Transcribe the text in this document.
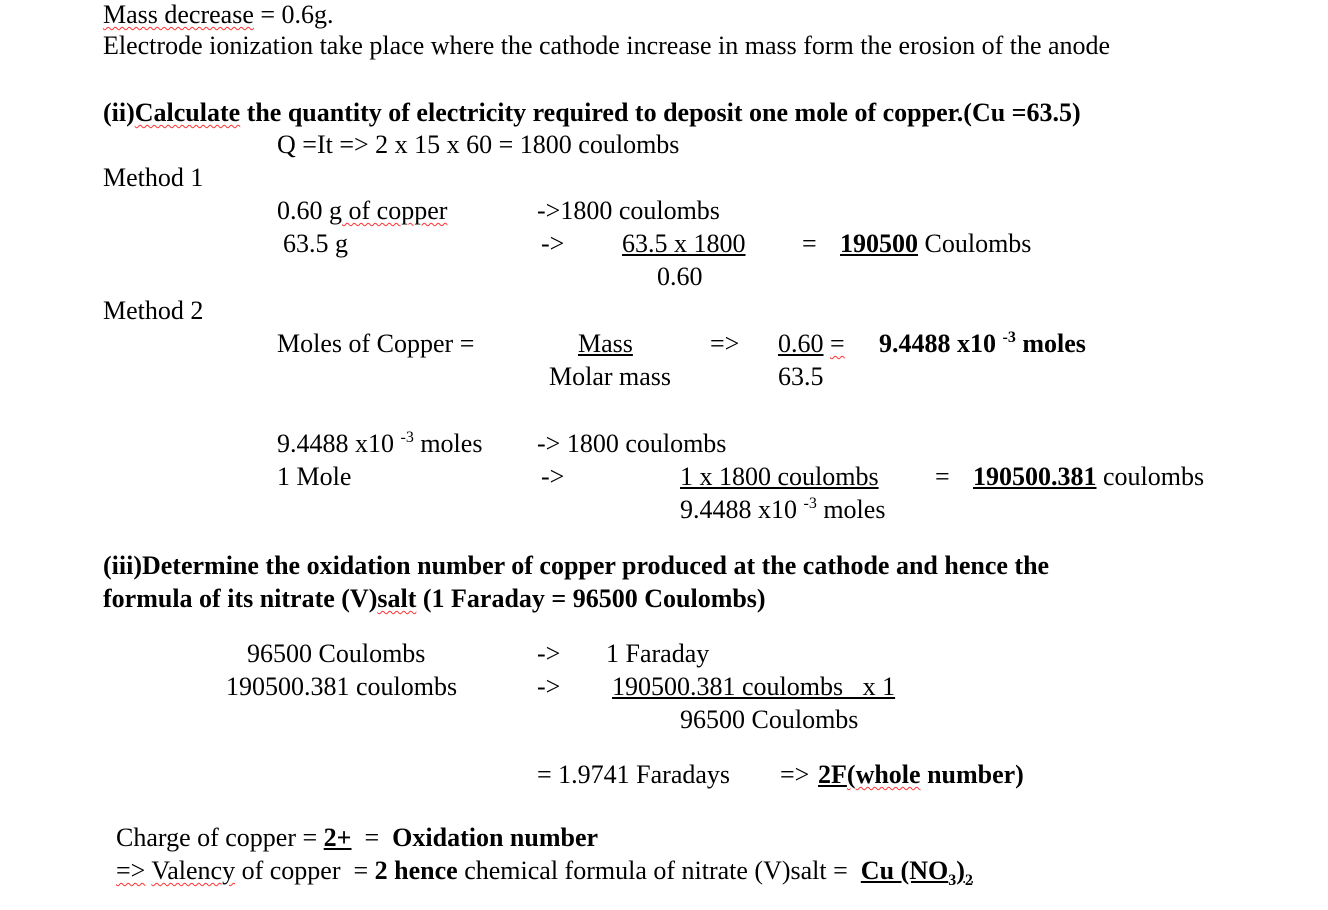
Mass decrease = 0.6g.
Electrode ionization take place where the cathode increase in mass form the erosion of the anode
(ii)Calculate the quantity of electricity required to deposit one mole of copper.(Cu =63.5)
Q =It => 2 x 15 x 60 = 1800 coulombs
Method 1
0.60 g of copper	->1800 coulombs
63.5 g	-> 63.5 x 1800
0.60
= 190500 Coulombs
Method 2
Moles of Copper =	Mass
Molar mass
=> 0.60 =
63.5
9.4488 x10 $^{-3}$ moles
9.4488 x10 $^{-3}$ moles -> 1800 coulombs
1 Mole	->	1 x 1800 coulombs
9.4488 x10 $^{-3}$ moles
= 190500.381 coulombs
(iii)Determine the oxidation number of copper produced at the cathode and hence the
formula of its nitrate (V)salt (1 Faraday = 96500 Coulombs)
96500 Coulombs	-> 1 Faraday
190500.381 coulombs	-> 190500.381 coulombs   x 1
96500 Coulombs
= 1.9741 Faradays => 2F(whole number)

Charge of copper = 2+  =  Oxidation number

=> Valency of copper  = 2 hence chemical formula of nitrate (V)salt =  Cu $(NO_3)_2$
